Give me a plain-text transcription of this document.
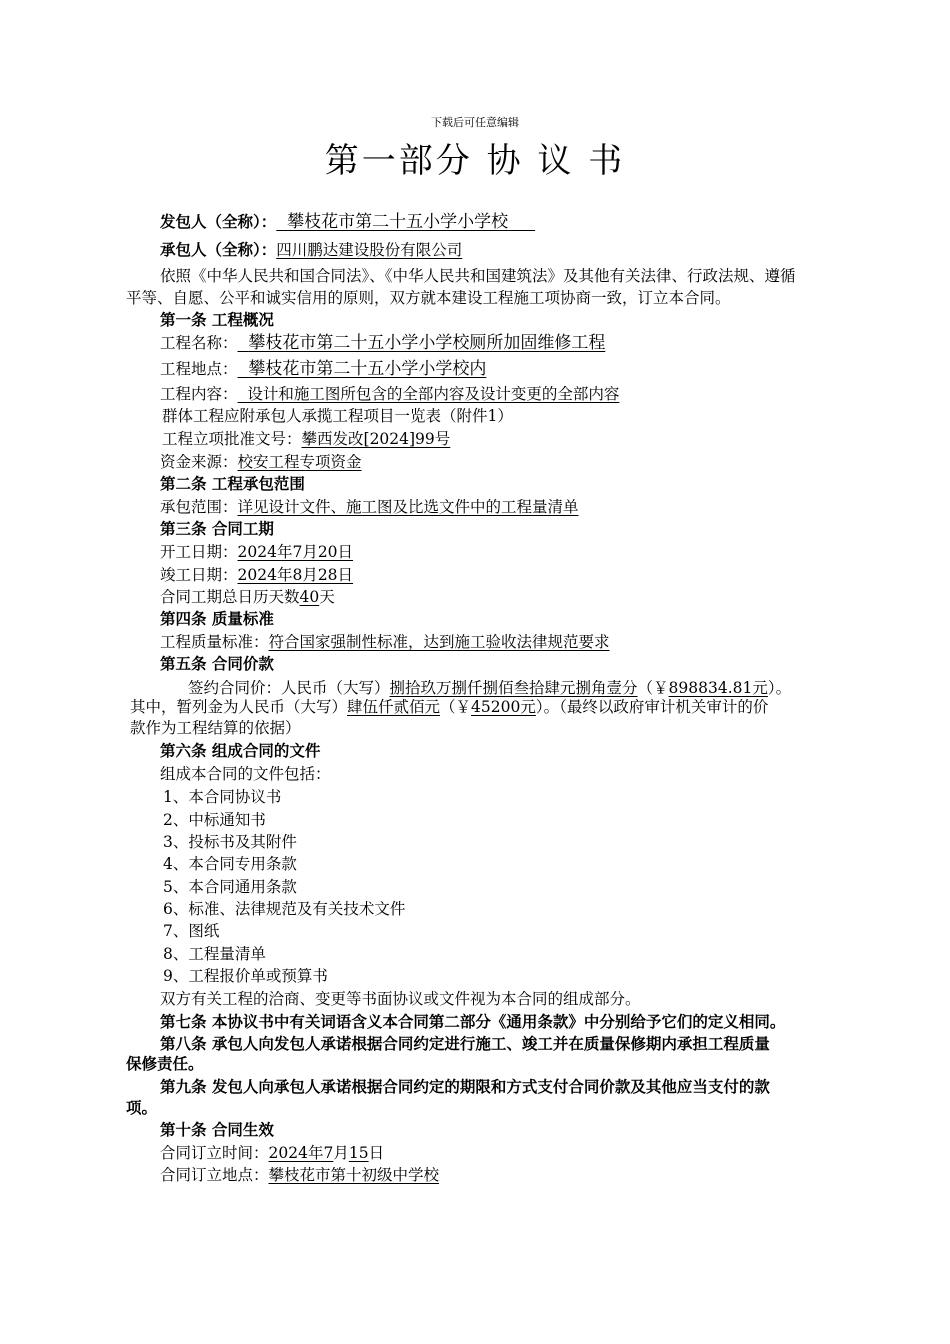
下载后可任意编辑
第一部分 协 议 书
发包人（全称）： 攀枝花市第二十五小学小学校
承包人（全称）：四川鹏达建设股份有限公司
依照《中华人民共和国合同法》、《中华人民共和国建筑法》及其他有关法律、行政法规、遵循
平等、自愿、公平和诚实信用的原则，双方就本建设工程施工项协商一致，订立本合同。
第一条 工程概况
工程名称： 攀枝花市第二十五小学小学校厕所加固维修工程
工程地点： 攀枝花市第二十五小学小学校内
工程内容： 设计和施工图所包含的全部内容及设计变更的全部内容
群体工程应附承包人承揽工程项目一览表（附件1）
工程立项批准文号：攀西发改[2024]99号
资金来源：校安工程专项资金
第二条 工程承包范围
承包范围：详见设计文件、施工图及比选文件中的工程量清单
第三条 合同工期
开工日期：2024年7月20日
竣工日期：2024年8月28日
合同工期总日历天数40天
第四条 质量标准
工程质量标准：符合国家强制性标准，达到施工验收法律规范要求
第五条 合同价款
签约合同价：人民币（大写）捌拾玖万捌仟捌佰叁拾肆元捌角壹分（￥898834.81元）。
其中，暂列金为人民币（大写）肆伍仟贰佰元（￥45200元）。（最终以政府审计机关审计的价
款作为工程结算的依据）
第六条 组成合同的文件
组成本合同的文件包括：
1、本合同协议书
2、中标通知书
3、投标书及其附件
4、本合同专用条款
5、本合同通用条款
6、标准、法律规范及有关技术文件
7、图纸
8、工程量清单
9、工程报价单或预算书
双方有关工程的洽商、变更等书面协议或文件视为本合同的组成部分。
第七条 本协议书中有关词语含义本合同第二部分《通用条款》中分别给予它们的定义相同。
第八条 承包人向发包人承诺根据合同约定进行施工、竣工并在质量保修期内承担工程质量
保修责任。
第九条 发包人向承包人承诺根据合同约定的期限和方式支付合同价款及其他应当支付的款
项。
第十条 合同生效
合同订立时间：2024年7月15日
合同订立地点：攀枝花市第十初级中学校
